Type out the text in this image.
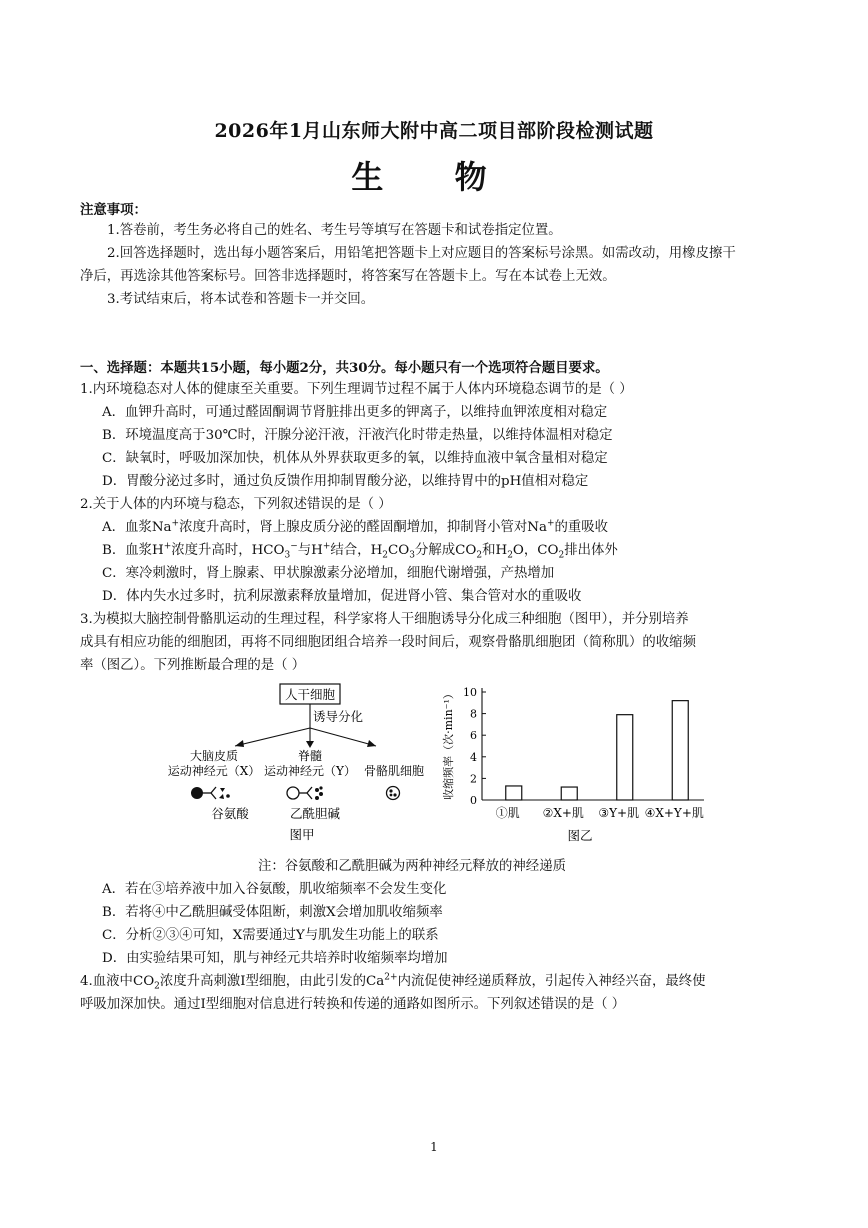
2026年1月山东师大附中高二项目部阶段检测试题
生 物
注意事项：
1.答卷前，考生务必将自己的姓名、考生号等填写在答题卡和试卷指定位置。
2.回答选择题时，选出每小题答案后，用铅笔把答题卡上对应题目的答案标号涂黑。如需改动，用橡皮擦干
净后，再选涂其他答案标号。回答非选择题时，将答案写在答题卡上。写在本试卷上无效。
3.考试结束后，将本试卷和答题卡一并交回。
一、选择题：本题共15小题，每小题2分，共30分。每小题只有一个选项符合题目要求。
1.内环境稳态对人体的健康至关重要。下列生理调节过程不属于人体内环境稳态调节的是（ ）
A．血钾升高时，可通过醛固酮调节肾脏排出更多的钾离子，以维持血钾浓度相对稳定
B．环境温度高于30℃时，汗腺分泌汗液，汗液汽化时带走热量，以维持体温相对稳定
C．缺氧时，呼吸加深加快，机体从外界获取更多的氧，以维持血液中氧含量相对稳定
D．胃酸分泌过多时，通过负反馈作用抑制胃酸分泌，以维持胃中的pH值相对稳定
2.关于人体的内环境与稳态，下列叙述错误的是（ ）
A．血浆Na+浓度升高时，肾上腺皮质分泌的醛固酮增加，抑制肾小管对Na+的重吸收
B．血浆H+浓度升高时，$HCO_3^-$与H+结合，$H_2CO_3$分解成$CO_2$和$H_2O$，$CO_2$排出体外
C．寒冷刺激时，肾上腺素、甲状腺激素分泌增加，细胞代谢增强，产热增加
D．体内失水过多时，抗利尿激素释放量增加，促进肾小管、集合管对水的重吸收
3.为模拟大脑控制骨骼肌运动的生理过程，科学家将人干细胞诱导分化成三种细胞（图甲），并分别培养
成具有相应功能的细胞团，再将不同细胞团组合培养一段时间后，观察骨骼肌细胞团（简称肌）的收缩频
率（图乙）。下列推断最合理的是（ ）
人干细胞
诱导分化
大脑皮质
运动神经元（X）
脊髓
运动神经元（Y） 骨骼肌细胞
谷氨酸	乙酰胆碱
图甲
收缩频率（次·min⁻¹）
①肌 ②X+肌 ③Y+肌 ④X+Y+肌
0
2
4
6
8
10
图乙
注：谷氨酸和乙酰胆碱为两种神经元释放的神经递质
A．若在③培养液中加入谷氨酸，肌收缩频率不会发生变化
B．若将④中乙酰胆碱受体阻断，刺激X会增加肌收缩频率
C．分析②③④可知，X需要通过Y与肌发生功能上的联系
D．由实验结果可知，肌与神经元共培养时收缩频率均增加
4.血液中$CO_2$浓度升高刺激Ⅰ型细胞，由此引发的$Ca^{2+}$内流促使神经递质释放，引起传入神经兴奋，最终使
呼吸加深加快。通过Ⅰ型细胞对信息进行转换和传递的通路如图所示。下列叙述错误的是（ ）
1
